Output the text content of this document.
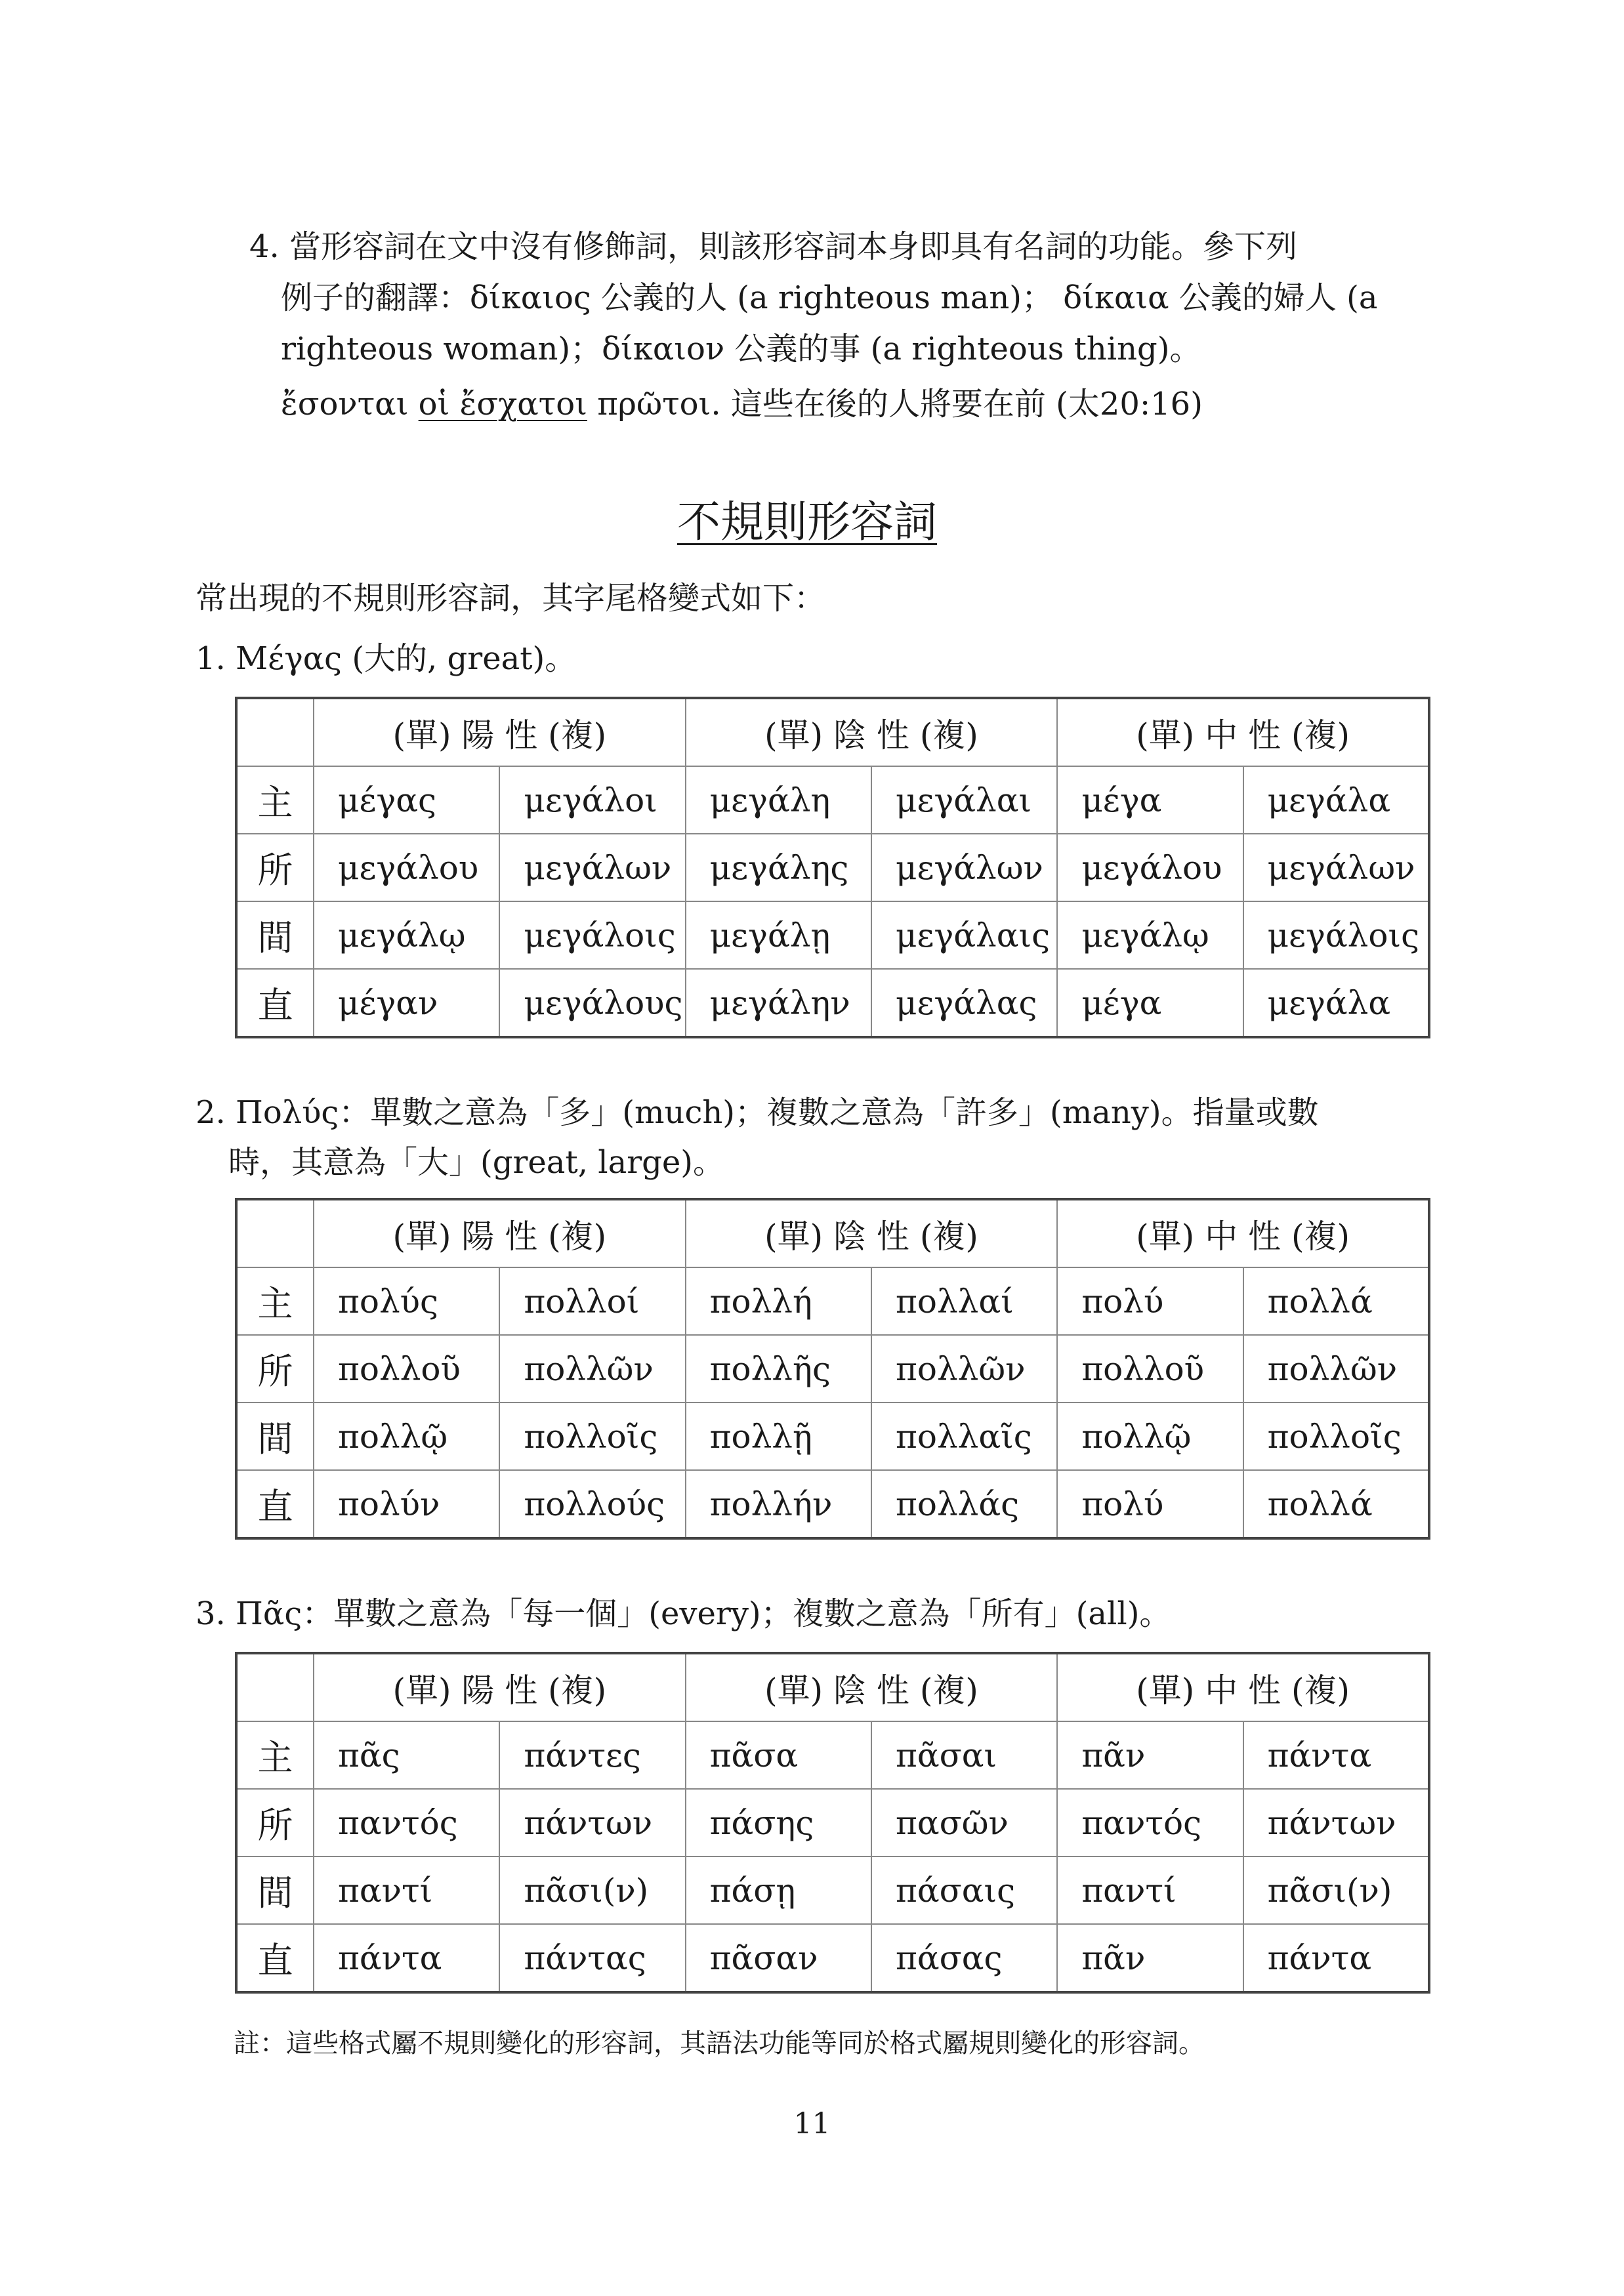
4. 當形容詞在文中沒有修飾詞，則該形容詞本身即具有名詞的功能。參下列
例子的翻譯：δίκαιος 公義的人 (a righteous man)； δίκαια 公義的婦人 (a
righteous woman)；δίκαιον 公義的事 (a righteous thing)。
ἔσονται οἱ ἔσχατοι πρῶτοι. 這些在後的人將要在前 (太20:16)
不規則形容詞
常出現的不規則形容詞，其字尾格變式如下：
1. Μέγας (大的, great)。
	(單) 陽 性 (複)		(單) 陰 性 (複)		(單) 中 性 (複)	
主	μέγας	μεγάλοι	μεγάλη	μεγάλαι	μέγα	μεγάλα
所	μεγάλου	μεγάλων	μεγάλης	μεγάλων	μεγάλου	μεγάλων
間	μεγάλῳ	μεγάλοις	μεγάλῃ	μεγάλαις	μεγάλῳ	μεγάλοις
直	μέγαν	μεγάλους	μεγάλην	μεγάλας	μέγα	μεγάλα
2. Πολύς：單數之意為「多」(much)；複數之意為「許多」(many)。指量或數
時，其意為「大」(great, large)。
	(單) 陽 性 (複)		(單) 陰 性 (複)		(單) 中 性 (複)	
主	πολύς	πολλοί	πολλή	πολλαί	πολύ	πολλά
所	πολλοῦ	πολλῶν	πολλῆς	πολλῶν	πολλοῦ	πολλῶν
間	πολλῷ	πολλοῖς	πολλῇ	πολλαῖς	πολλῷ	πολλοῖς
直	πολύν	πολλούς	πολλήν	πολλάς	πολύ	πολλά
3. Πᾶς：單數之意為「每一個」(every)；複數之意為「所有」(all)。
	(單) 陽 性 (複)		(單) 陰 性 (複)		(單) 中 性 (複)	
主	πᾶς	πάντες	πᾶσα	πᾶσαι	πᾶν	πάντα
所	παντός	πάντων	πάσης	πασῶν	παντός	πάντων
間	παντί	πᾶσι(ν)	πάσῃ	πάσαις	παντί	πᾶσι(ν)
直	πάντα	πάντας	πᾶσαν	πάσας	πᾶν	πάντα
註：這些格式屬不規則變化的形容詞，其語法功能等同於格式屬規則變化的形容詞。
11
